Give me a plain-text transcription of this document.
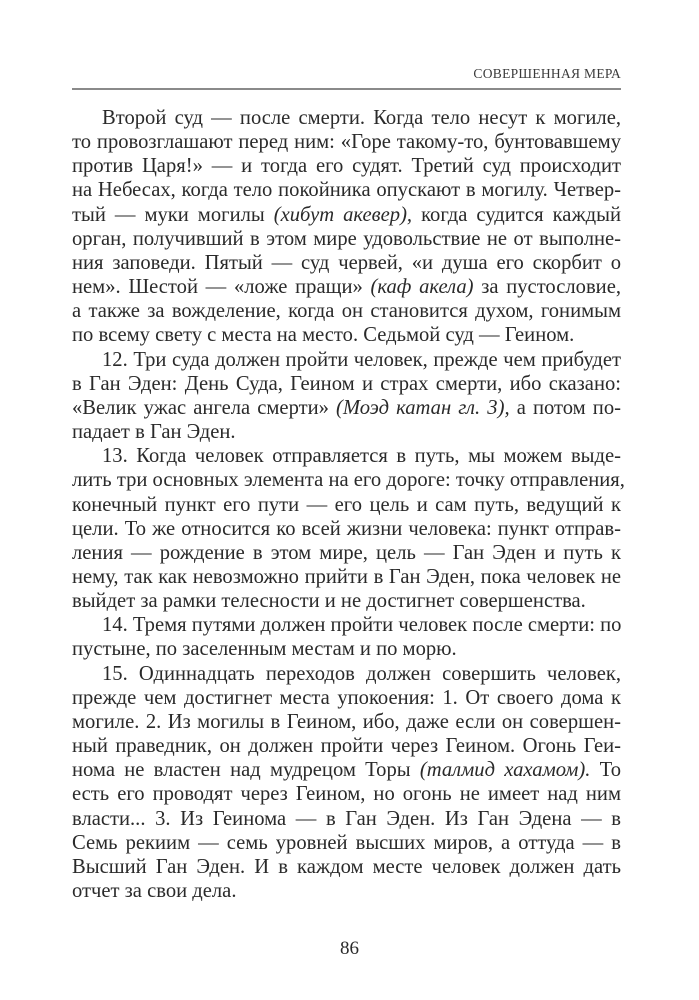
СОВЕРШЕННАЯ МЕРА
Второй суд — после смерти. Когда тело несут к могиле,
то провозглашают перед ним: «Горе такому-то, бунтовавшему
против Царя!» — и тогда его судят. Третий суд происходит
на Небесах, когда тело покойника опускают в могилу. Четвер-
тый — муки могилы (хибут акевер), когда судится каждый
орган, получивший в этом мире удовольствие не от выполне-
ния заповеди. Пятый — суд червей, «и душа его скорбит о
нем». Шестой — «ложе пращи» (каф акела) за пустословие,
а также за вожделение, когда он становится духом, гонимым
по всему свету с места на место. Седьмой суд — Геином.
12. Три суда должен пройти человек, прежде чем прибудет
в Ган Эден: День Суда, Геином и страх смерти, ибо сказано:
«Велик ужас ангела смерти» (Моэд катан гл. 3), а потом по-
падает в Ган Эден.
13. Когда человек отправляется в путь, мы можем выде-
лить три основных элемента на его дороге: точку отправления,
конечный пункт его пути — его цель и сам путь, ведущий к
цели. То же относится ко всей жизни человека: пункт отправ-
ления — рождение в этом мире, цель — Ган Эден и путь к
нему, так как невозможно прийти в Ган Эден, пока человек не
выйдет за рамки телесности и не достигнет совершенства.
14. Тремя путями должен пройти человек после смерти: по
пустыне, по заселенным местам и по морю.
15. Одиннадцать переходов должен совершить человек,
прежде чем достигнет места упокоения: 1. От своего дома к
могиле. 2. Из могилы в Геином, ибо, даже если он совершен-
ный праведник, он должен пройти через Геином. Огонь Геи-
нома не властен над мудрецом Торы (талмид хахамом). То
есть его проводят через Геином, но огонь не имеет над ним
власти... 3. Из Геинома — в Ган Эден. Из Ган Эдена — в
Семь рекиим — семь уровней высших миров, а оттуда — в
Высший Ган Эден. И в каждом месте человек должен дать
отчет за свои дела.
86
